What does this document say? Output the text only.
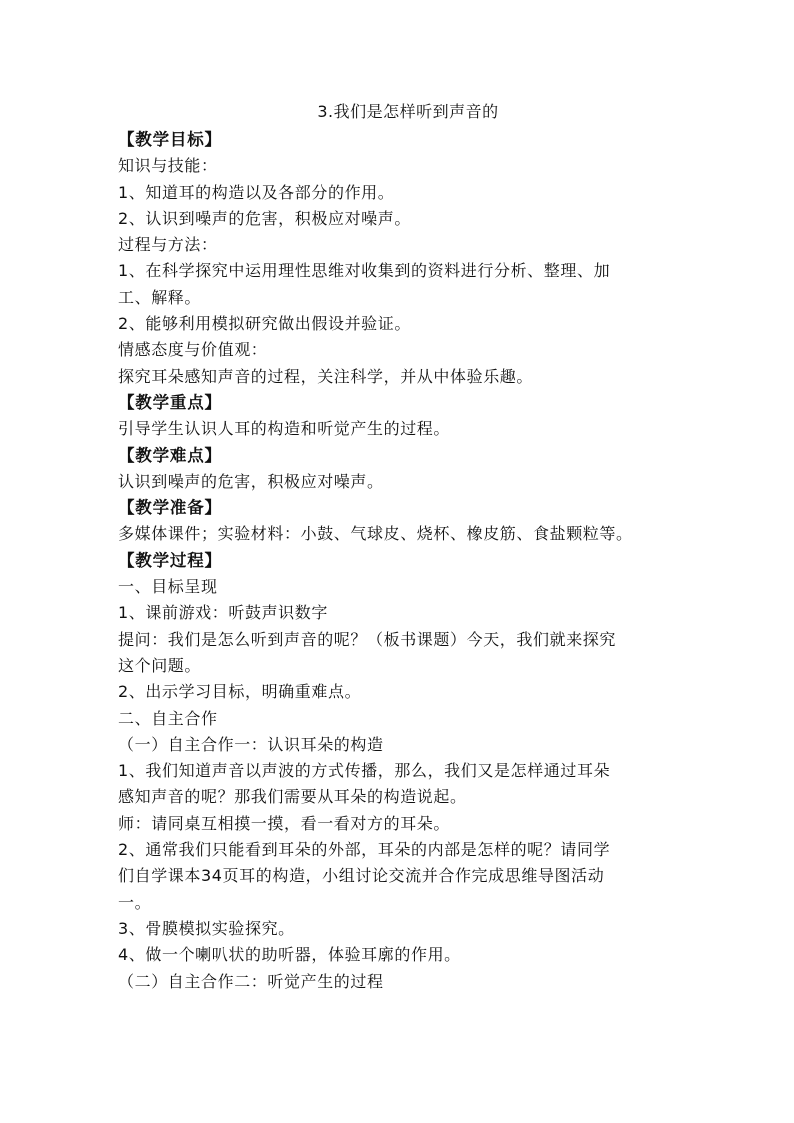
3.我们是怎样听到声音的
【教学目标】
知识与技能：
1、知道耳的构造以及各部分的作用。
2、认识到噪声的危害，积极应对噪声。
过程与方法：
1、在科学探究中运用理性思维对收集到的资料进行分析、整理、加
工、解释。
2、能够利用模拟研究做出假设并验证。
情感态度与价值观：
探究耳朵感知声音的过程，关注科学，并从中体验乐趣。
【教学重点】
引导学生认识人耳的构造和听觉产生的过程。
【教学难点】
认识到噪声的危害，积极应对噪声。
【教学准备】
多媒体课件；实验材料：小鼓、气球皮、烧杯、橡皮筋、食盐颗粒等。
【教学过程】
一、目标呈现
1、课前游戏：听鼓声识数字
提问：我们是怎么听到声音的呢？（板书课题）今天，我们就来探究
这个问题。
2、出示学习目标，明确重难点。
二、自主合作
（一）自主合作一：认识耳朵的构造
1、我们知道声音以声波的方式传播，那么，我们又是怎样通过耳朵
感知声音的呢？那我们需要从耳朵的构造说起。
师：请同桌互相摸一摸，看一看对方的耳朵。
2、通常我们只能看到耳朵的外部，耳朵的内部是怎样的呢？请同学
们自学课本34页耳的构造，小组讨论交流并合作完成思维导图活动
一。
3、骨膜模拟实验探究。
4、做一个喇叭状的助听器，体验耳廓的作用。
（二）自主合作二：听觉产生的过程
